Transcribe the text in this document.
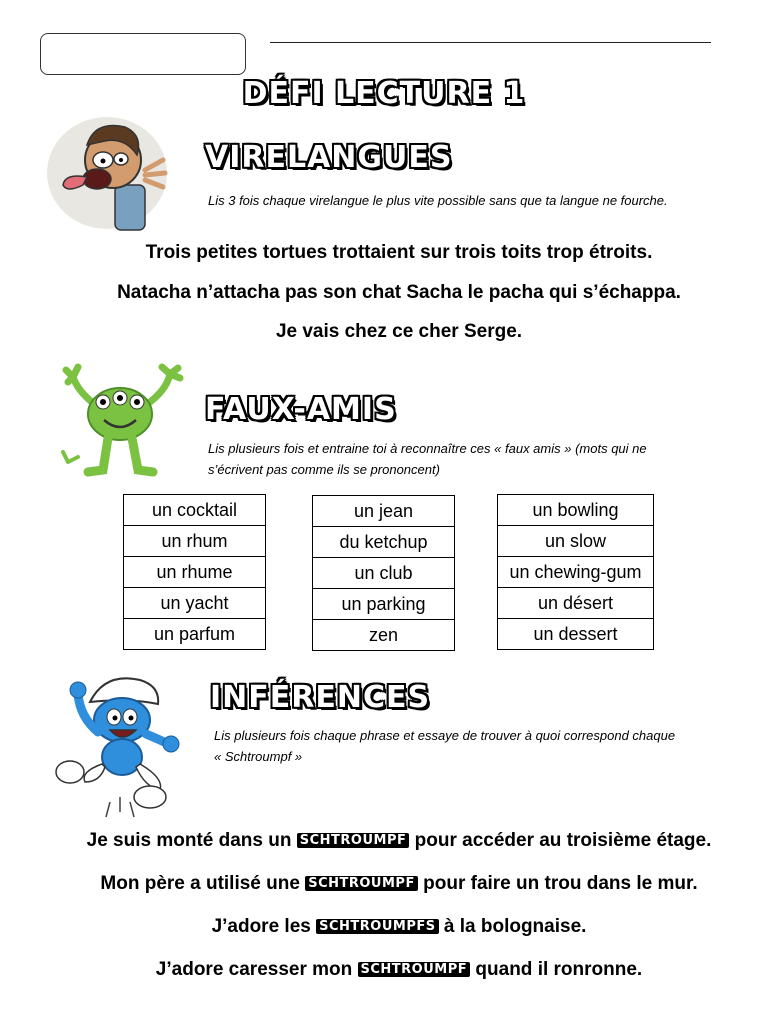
DÉFI LECTURE 1
VIRELANGUES
Lis 3 fois chaque virelangue le plus vite possible sans que ta langue ne fourche.
Trois petites tortues trottaient sur trois toits trop étroits.
Natacha n’attacha pas son chat Sacha le pacha qui s’échappa.
Je vais chez ce cher Serge.
FAUX-AMIS
Lis plusieurs fois et entraine toi à reconnaître ces « faux amis » (mots qui ne
s’écrivent pas comme ils se prononcent)
un cocktail
un rhum
un rhume
un yacht
un parfum
un jean
du ketchup
un club
un parking
zen
un bowling
un slow
un chewing-gum
un désert
un dessert
INFÉRENCES
Lis plusieurs fois chaque phrase et essaye de trouver à quoi correspond chaque
« Schtroumpf »
Je suis monté dans un SCHTROUMPF pour accéder au troisième étage.
Mon père a utilisé une SCHTROUMPF pour faire un trou dans le mur.
J’adore les SCHTROUMPFS à la bolognaise.
J’adore caresser mon SCHTROUMPF quand il ronronne.
